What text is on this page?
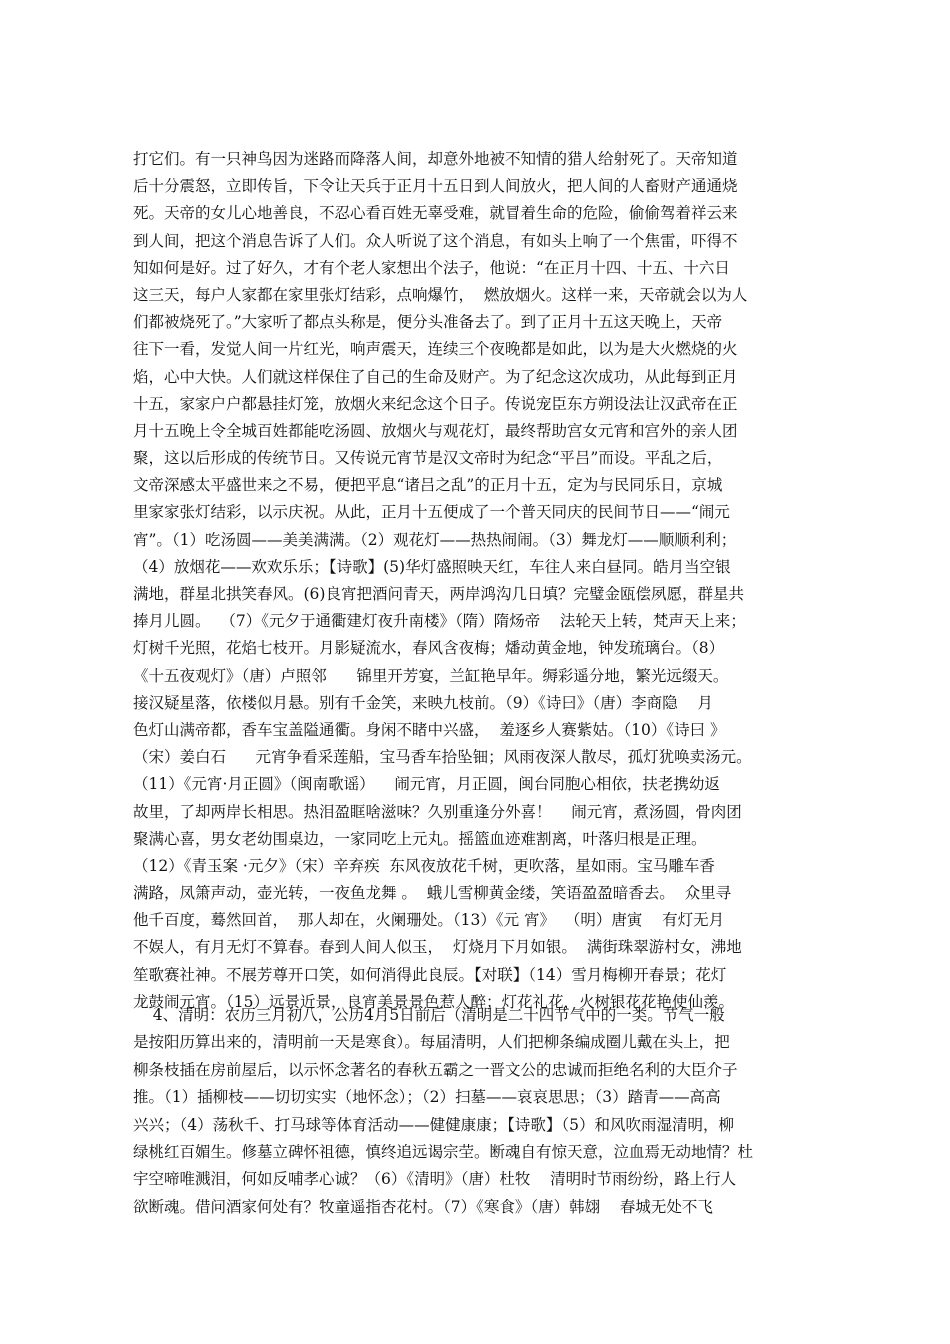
打它们。有一只神鸟因为迷路而降落人间，却意外地被不知情的猎人给射死了。天帝知道
后十分震怒，立即传旨，下令让天兵于正月十五日到人间放火，把人间的人畜财产通通烧
死。天帝的女儿心地善良，不忍心看百姓无辜受难，就冒着生命的危险，偷偷驾着祥云来
到人间，把这个消息告诉了人们。众人听说了这个消息，有如头上响了一个焦雷，吓得不
知如何是好。过了好久，才有个老人家想出个法子，他说：“在正月十四、十五、十六日
这三天，每户人家都在家里张灯结彩，点响爆竹，  燃放烟火。这样一来，天帝就会以为人
们都被烧死了。”大家听了都点头称是，便分头准备去了。到了正月十五这天晚上，天帝
往下一看，发觉人间一片红光，响声震天，连续三个夜晚都是如此，以为是大火燃烧的火
焰，心中大快。人们就这样保住了自己的生命及财产。为了纪念这次成功，从此每到正月
十五，家家户户都悬挂灯笼，放烟火来纪念这个日子。传说宠臣东方朔设法让汉武帝在正
月十五晚上令全城百姓都能吃汤圆、放烟火与观花灯，最终帮助宫女元宵和宫外的亲人团
聚，这以后形成的传统节日。又传说元宵节是汉文帝时为纪念“平吕”而设。平乱之后，
文帝深感太平盛世来之不易，便把平息“诸吕之乱”的正月十五，定为与民同乐日，京城
里家家张灯结彩，以示庆祝。从此，正月十五便成了一个普天同庆的民间节日——“闹元
宵”。（1）吃汤圆——美美满满。（2）观花灯——热热闹闹。（3）舞龙灯——顺顺利利；
（4）放烟花——欢欢乐乐；【诗歌】(5)华灯盛照映天红，车往人来白昼同。皓月当空银
满地，群星北拱笑春风。(6)良宵把酒问青天，两岸鸿沟几日填？完璧金瓯偿夙愿，群星共
捧月儿圆。  （7）《元夕于通衢建灯夜升南楼》（隋）隋炀帝    法轮天上转，梵声天上来；
灯树千光照，花焰七枝开。月影疑流水，春风含夜梅；燔动黄金地，钟发琉璃台。（8）
《十五夜观灯》（唐）卢照邻      锦里开芳宴，兰缸艳早年。缛彩遥分地，繁光远缀天。
接汉疑星落，依楼似月悬。别有千金笑，来映九枝前。（9）《诗曰》（唐）李商隐    月
色灯山满帝都，香车宝盖隘通衢。身闲不睹中兴盛，  羞逐乡人赛紫姑。（10）《诗曰 》
（宋）姜白石      元宵争看采莲船，宝马香车拾坠钿；风雨夜深人散尽，孤灯犹唤卖汤元。
（11）《元宵·月正圆》（闽南歌谣）    闹元宵，月正圆，闽台同胞心相依，扶老携幼返
故里，了却两岸长相思。热泪盈眶啥滋味？久别重逢分外喜！    闹元宵，煮汤圆，骨肉团
聚满心喜，男女老幼围桌边，一家同吃上元丸。摇篮血迹难割离，叶落归根是正理。
（12）《青玉案 ·元夕》（宋）辛弃疾  东风夜放花千树，更吹落，星如雨。宝马雕车香
满路，凤箫声动，壶光转，一夜鱼龙舞 。  蛾儿雪柳黄金缕，笑语盈盈暗香去。  众里寻
他千百度，蓦然回首，  那人却在，火阑珊处。（13）《元 宵》  （明）唐寅    有灯无月
不娱人，有月无灯不算春。春到人间人似玉，  灯烧月下月如银。  满街珠翠游村女，沸地
笙歌赛社神。不展芳尊开口笑，如何消得此良辰。【对联】（14）雪月梅柳开春景；花灯
龙鼓闹元宵。（15）远景近景，良宵美景景色惹人醉；灯花礼花，火树银花花艳使仙羡。
4、清明：农历三月初八，公历4月5日前后（清明是二十四节气中的一类。节气一般
是按阳历算出来的，清明前一天是寒食）。每届清明，人们把柳条编成圈儿戴在头上，把
柳条枝插在房前屋后，以示怀念著名的春秋五霸之一晋文公的忠诚而拒绝名利的大臣介子
推。（1）插柳枝——切切实实（地怀念）；（2）扫墓——哀哀思思；（3）踏青——高高
兴兴；（4）荡秋千、打马球等体育活动——健健康康；【诗歌】（5）和风吹雨湿清明，柳
绿桃红百媚生。修墓立碑怀祖德，慎终追远谒宗茔。断魂自有惊天意，泣血焉无动地情？杜
宇空啼唯溅泪，何如反哺孝心诚？（6）《清明》（唐）杜牧    清明时节雨纷纷，路上行人
欲断魂。借问酒家何处有？牧童遥指杏花村。（7）《寒食》（唐）韩翃    春城无处不飞
